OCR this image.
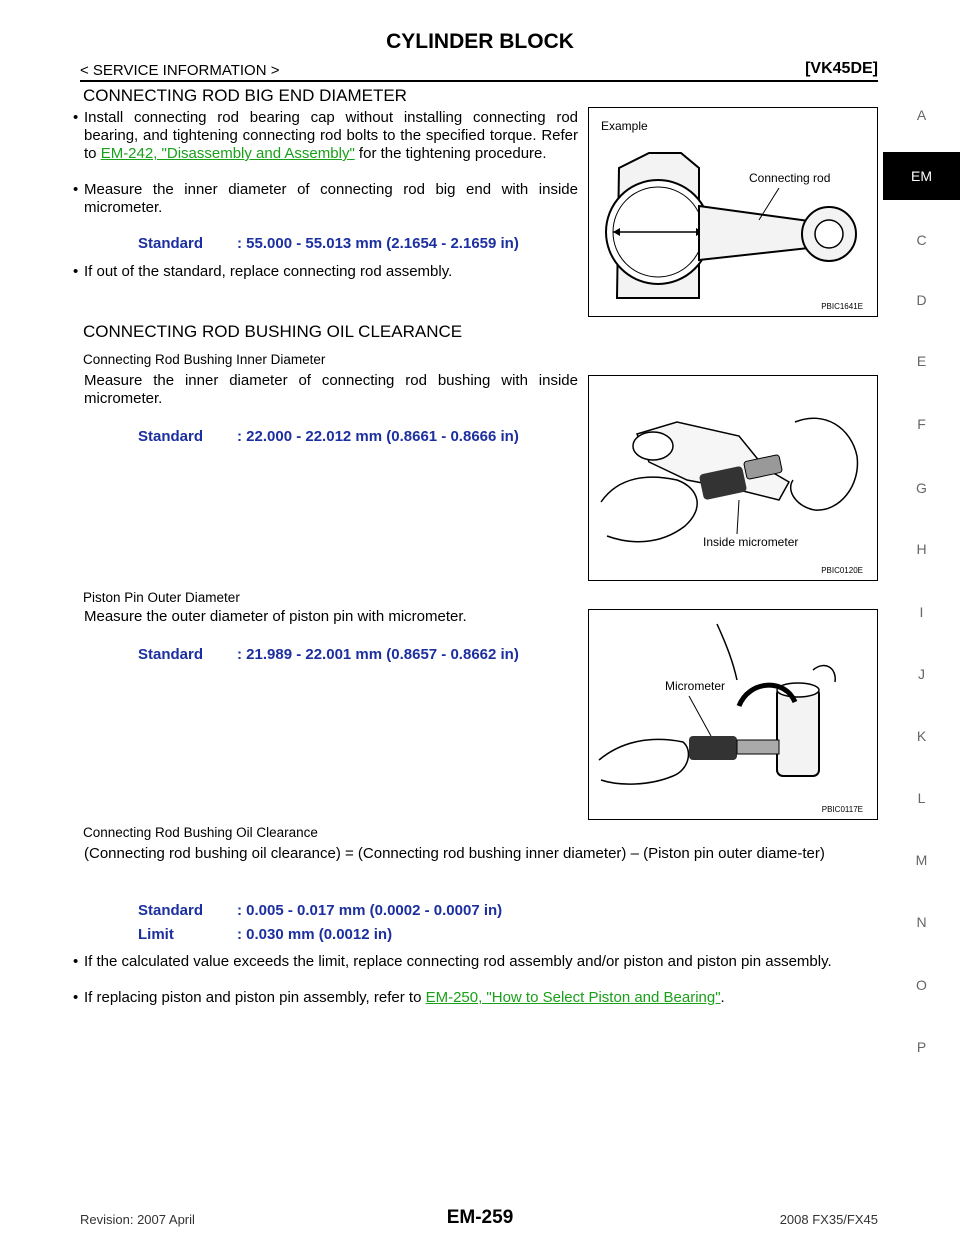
CYLINDER BLOCK
< SERVICE INFORMATION >	[VK45DE]
CONNECTING ROD BIG END DIAMETER
• Install connecting rod bearing cap without installing connecting rod bearing, and tightening connecting rod bolts to the specified torque. Refer to EM-242, "Disassembly and Assembly" for the tightening procedure.
• Measure the inner diameter of connecting rod big end with inside micrometer.
Standard : 55.000 - 55.013 mm (2.1654 - 2.1659 in)
• If out of the standard, replace connecting rod assembly.
Example
Connecting rod
PBIC1641E
CONNECTING ROD BUSHING OIL CLEARANCE
Connecting Rod Bushing Inner Diameter
Measure the inner diameter of connecting rod bushing with inside micrometer.
Standard : 22.000 - 22.012 mm (0.8661 - 0.8666 in)
Inside micrometer
PBIC0120E
Piston Pin Outer Diameter
Measure the outer diameter of piston pin with micrometer.
Standard : 21.989 - 22.001 mm (0.8657 - 0.8662 in)
Micrometer
PBIC0117E
Connecting Rod Bushing Oil Clearance
(Connecting rod bushing oil clearance) = (Connecting rod bushing inner diameter) – (Piston pin outer diame-ter)
Standard : 0.005 - 0.017 mm (0.0002 - 0.0007 in)
Limit	: 0.030 mm (0.0012 in)
• If the calculated value exceeds the limit, replace connecting rod assembly and/or piston and piston pin assembly.
• If replacing piston and piston pin assembly, refer to EM-250, "How to Select Piston and Bearing".
A
EM
C
D
E
F
G
H
I
J
K
L
M
N
O
P
Revision: 2007 April	EM-259	2008 FX35/FX45
